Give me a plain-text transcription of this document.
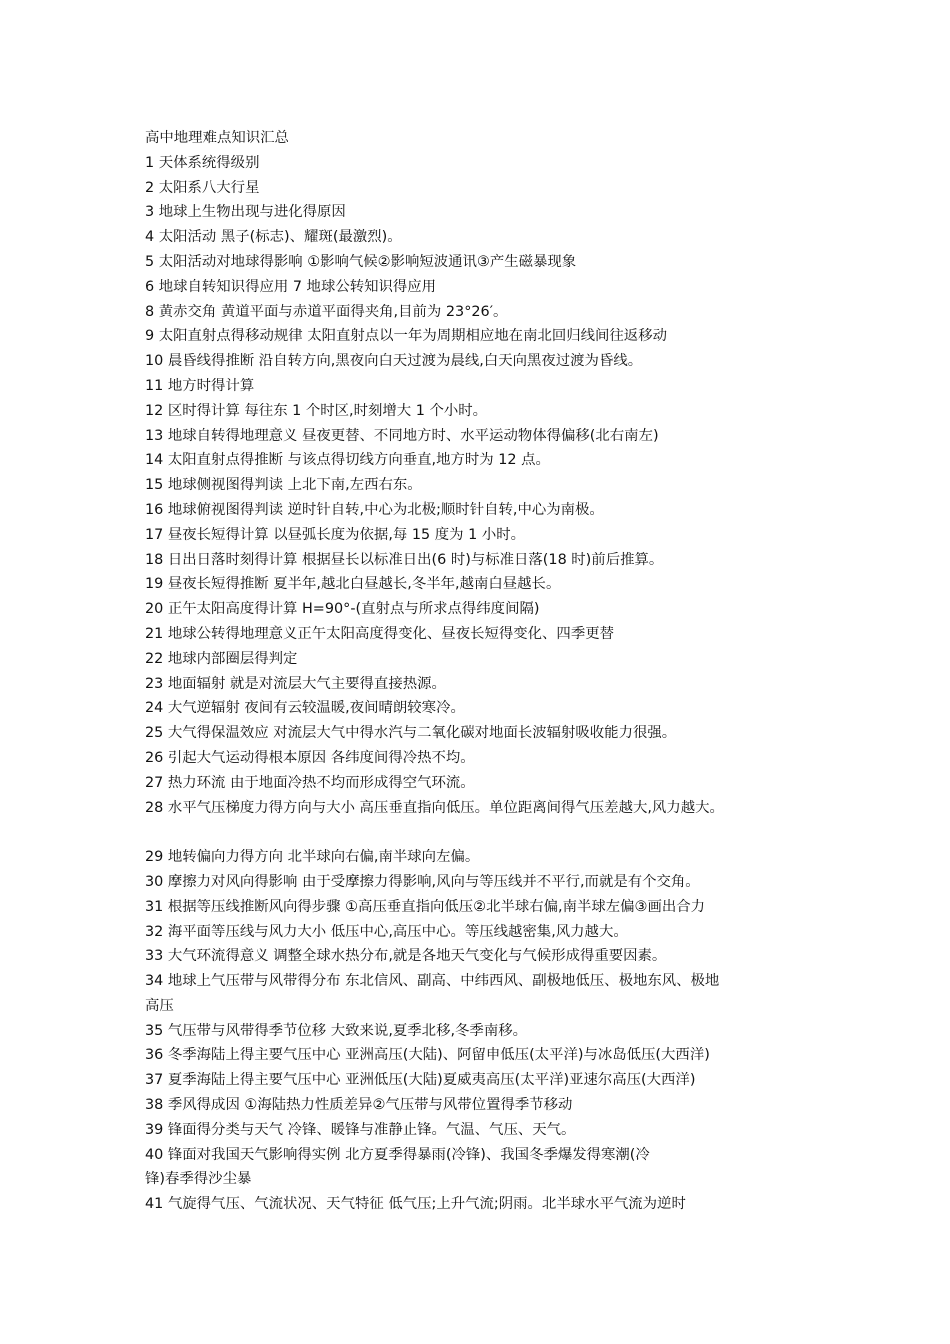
高中地理难点知识汇总
1 天体系统得级别
2 太阳系八大行星
3 地球上生物出现与进化得原因
4 太阳活动 黑子(标志)、耀斑(最激烈)。
5 太阳活动对地球得影响 ①影响气候②影响短波通讯③产生磁暴现象
6 地球自转知识得应用 7 地球公转知识得应用
8 黄赤交角 黄道平面与赤道平面得夹角,目前为 23°26′。
9 太阳直射点得移动规律 太阳直射点以一年为周期相应地在南北回归线间往返移动
10 晨昏线得推断 沿自转方向,黑夜向白天过渡为晨线,白天向黑夜过渡为昏线。
11 地方时得计算
12 区时得计算 每往东 1 个时区,时刻增大 1 个小时。
13 地球自转得地理意义 昼夜更替、不同地方时、水平运动物体得偏移(北右南左)
14 太阳直射点得推断 与该点得切线方向垂直,地方时为 12 点。
15 地球侧视图得判读 上北下南,左西右东。
16 地球俯视图得判读 逆时针自转,中心为北极;顺时针自转,中心为南极。
17 昼夜长短得计算 以昼弧长度为依据,每 15 度为 1 小时。
18 日出日落时刻得计算 根据昼长以标准日出(6 时)与标准日落(18 时)前后推算。
19 昼夜长短得推断 夏半年,越北白昼越长,冬半年,越南白昼越长。
20 正午太阳高度得计算 H=90°-(直射点与所求点得纬度间隔)
21 地球公转得地理意义正午太阳高度得变化、昼夜长短得变化、四季更替
22 地球内部圈层得判定
23 地面辐射 就是对流层大气主要得直接热源。
24 大气逆辐射 夜间有云较温暖,夜间晴朗较寒冷。
25 大气得保温效应 对流层大气中得水汽与二氧化碳对地面长波辐射吸收能力很强。
26 引起大气运动得根本原因 各纬度间得冷热不均。
27 热力环流 由于地面冷热不均而形成得空气环流。
28 水平气压梯度力得方向与大小 高压垂直指向低压。单位距离间得气压差越大,风力越大。
29 地转偏向力得方向 北半球向右偏,南半球向左偏。
30 摩擦力对风向得影响 由于受摩擦力得影响,风向与等压线并不平行,而就是有个交角。
31 根据等压线推断风向得步骤 ①高压垂直指向低压②北半球右偏,南半球左偏③画出合力
32 海平面等压线与风力大小 低压中心,高压中心。等压线越密集,风力越大。
33 大气环流得意义 调整全球水热分布,就是各地天气变化与气候形成得重要因素。
34 地球上气压带与风带得分布 东北信风、副高、中纬西风、副极地低压、极地东风、极地
高压
35 气压带与风带得季节位移 大致来说,夏季北移,冬季南移。
36 冬季海陆上得主要气压中心 亚洲高压(大陆)、阿留申低压(太平洋)与冰岛低压(大西洋)
37 夏季海陆上得主要气压中心 亚洲低压(大陆)夏威夷高压(太平洋)亚速尔高压(大西洋)
38 季风得成因 ①海陆热力性质差异②气压带与风带位置得季节移动
39 锋面得分类与天气 冷锋、暖锋与准静止锋。气温、气压、天气。
40 锋面对我国天气影响得实例 北方夏季得暴雨(冷锋)、我国冬季爆发得寒潮(冷
锋)春季得沙尘暴
41 气旋得气压、气流状况、天气特征 低气压;上升气流;阴雨。北半球水平气流为逆时
